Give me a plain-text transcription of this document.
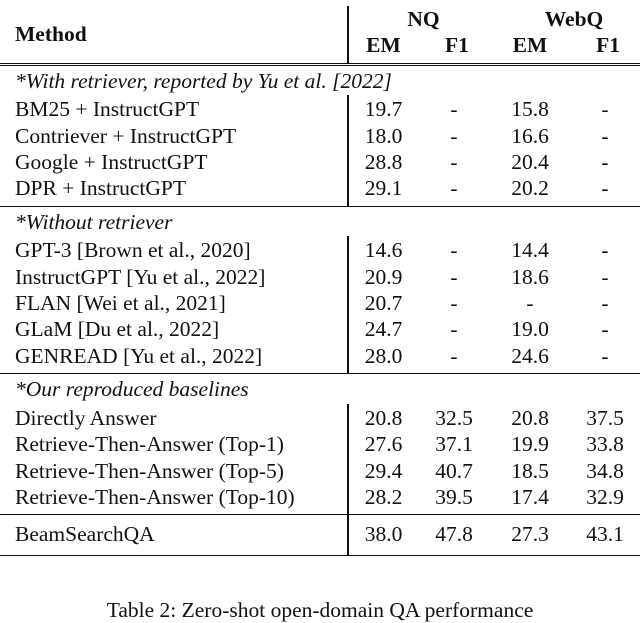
Method	NQ		WebQ	
	EM	F1	EM	F1
*With retriever, reported by Yu et al. [2022]				
BM25 + InstructGPT	19.7	-	15.8	-
Contriever + InstructGPT	18.0	-	16.6	-
Google + InstructGPT	28.8	-	20.4	-
DPR + InstructGPT	29.1	-	20.2	-
*Without retriever				
GPT-3 [Brown et al., 2020]	14.6	-	14.4	-
InstructGPT [Yu et al., 2022]	20.9	-	18.6	-
FLAN [Wei et al., 2021]	20.7	-	-	-
GLaM [Du et al., 2022]	24.7	-	19.0	-
GENREAD [Yu et al., 2022]	28.0	-	24.6	-
*Our reproduced baselines				
Directly Answer	20.8	32.5	20.8	37.5
Retrieve-Then-Answer (Top-1)	27.6	37.1	19.9	33.8
Retrieve-Then-Answer (Top-5)	29.4	40.7	18.5	34.8
Retrieve-Then-Answer (Top-10)	28.2	39.5	17.4	32.9
BeamSearchQA	38.0	47.8	27.3	43.1
Table 2: Zero-shot open-domain QA performance
